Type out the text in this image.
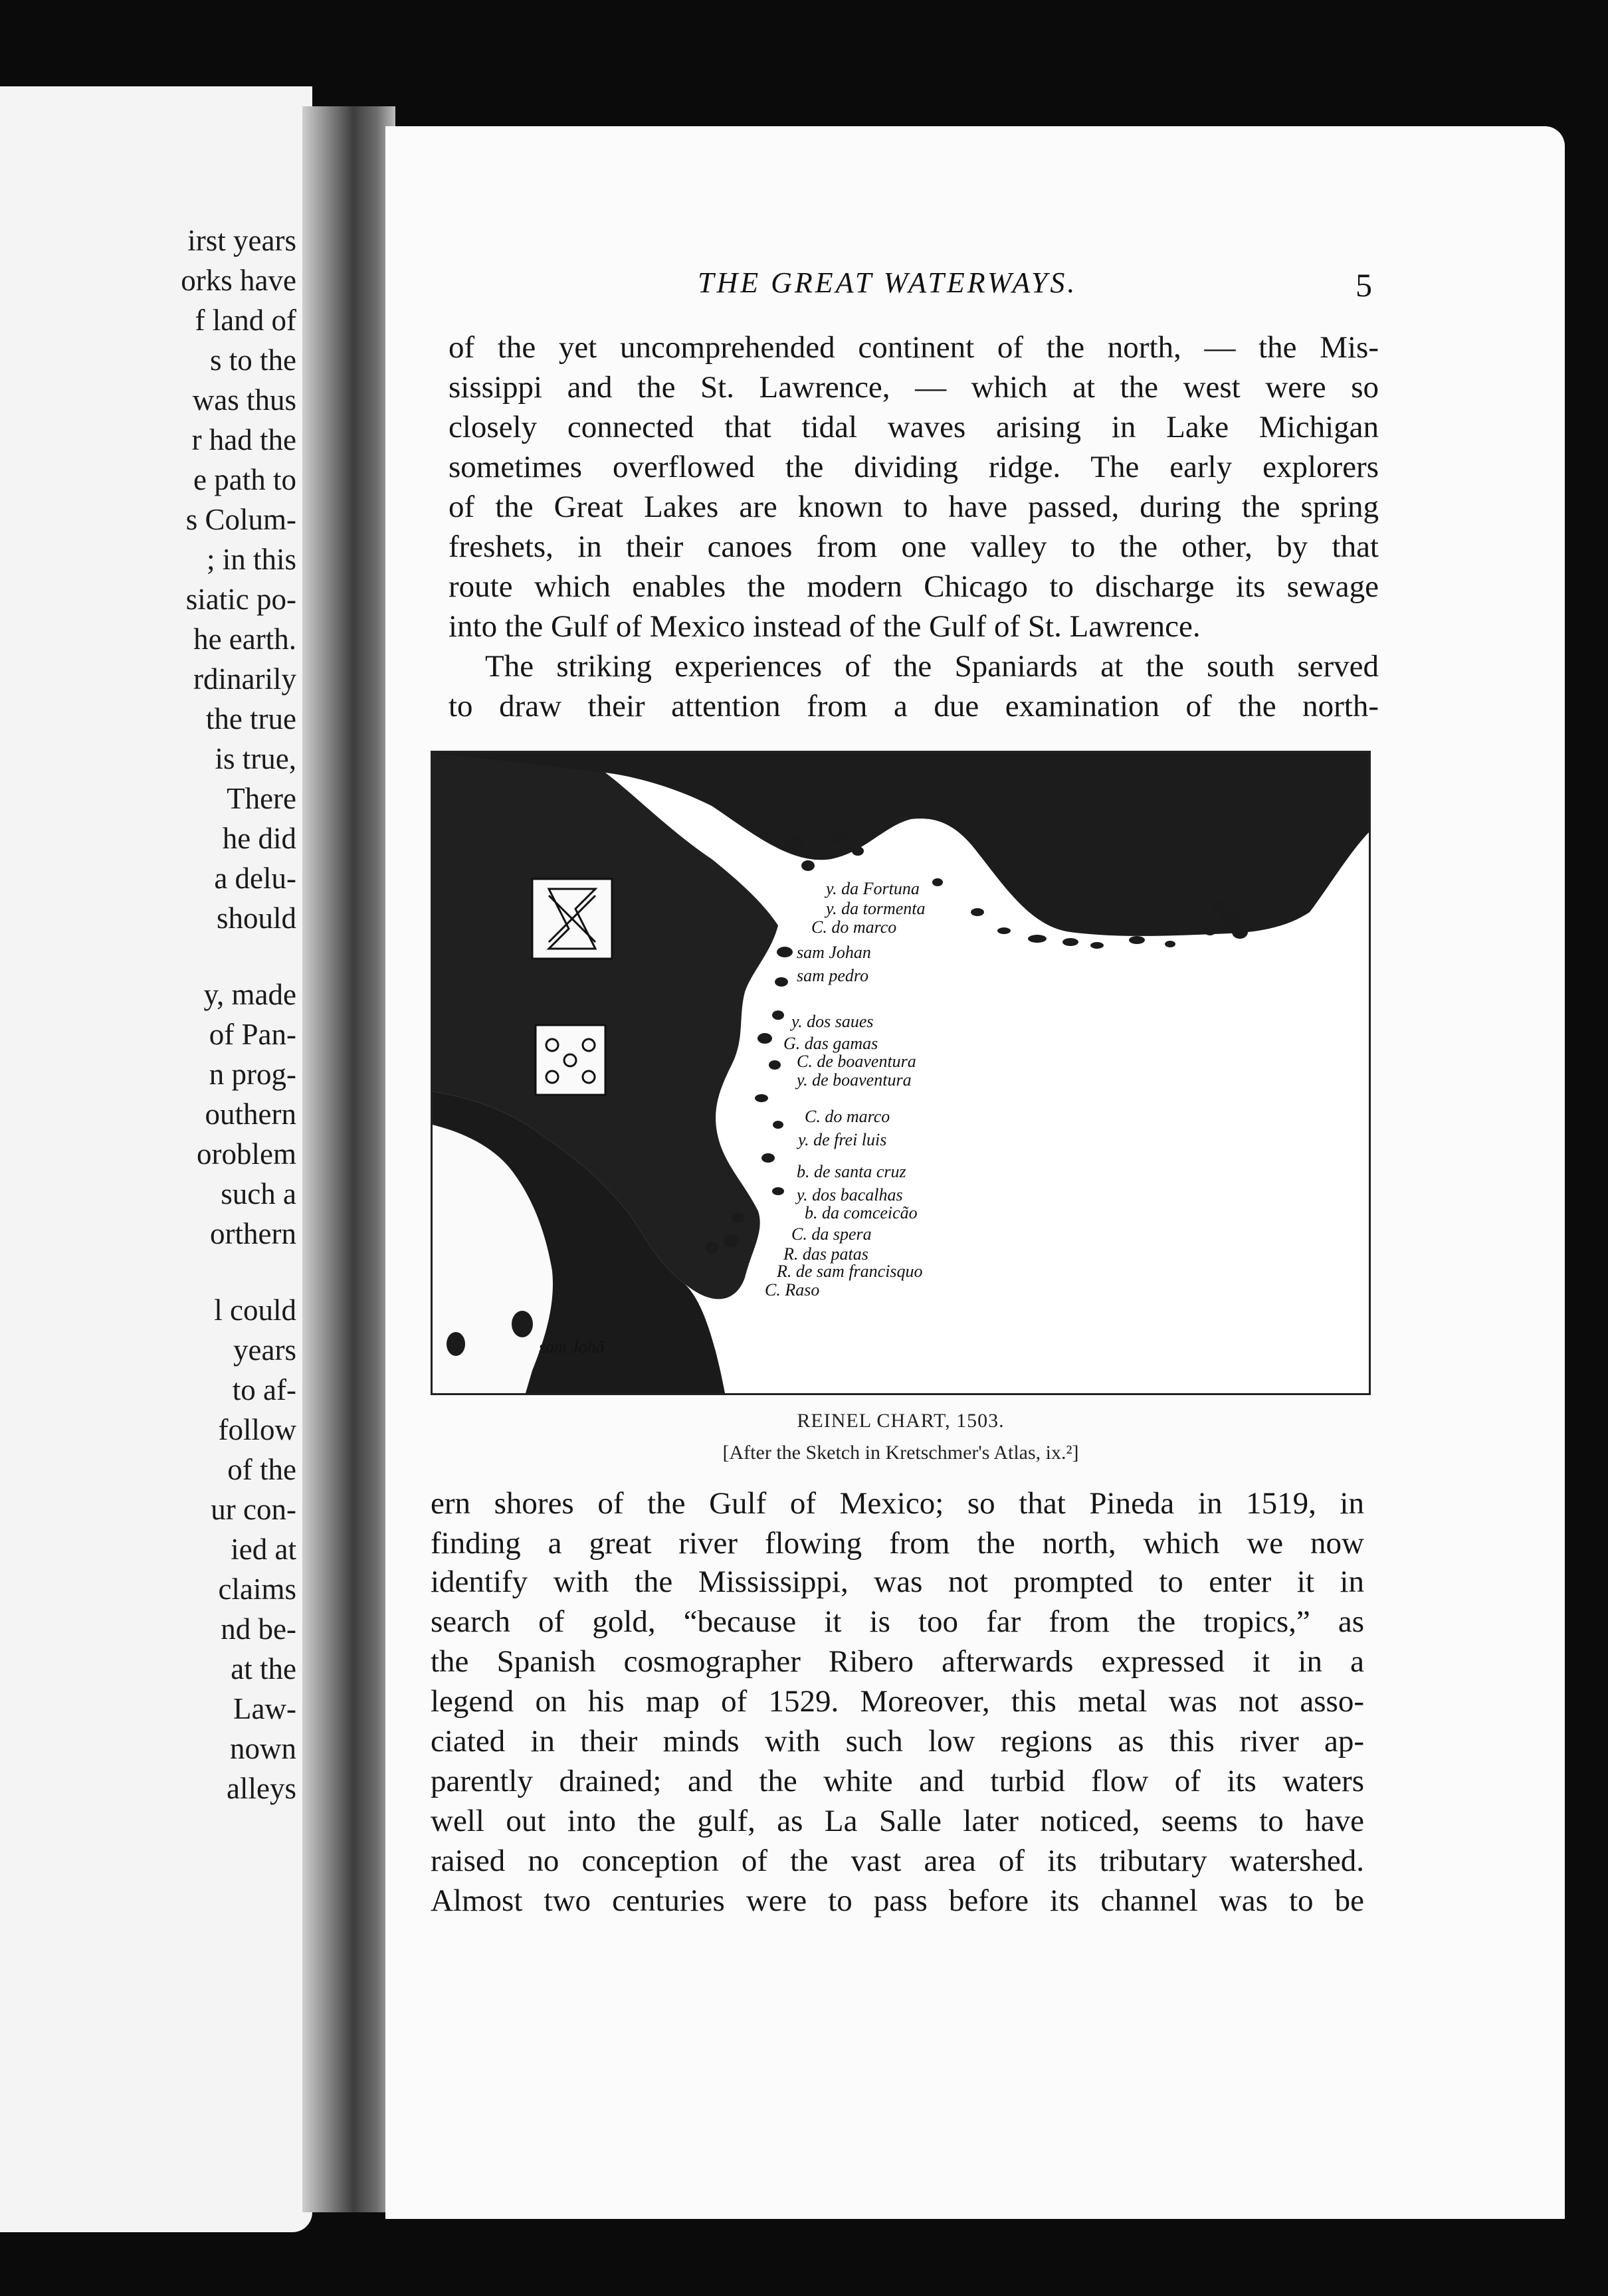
irst years
orks have
f land of
s to the
was thus
r had the
e path to
s Colum-
; in this
siatic po-
he earth.
rdinarily
the true
is true,
There
he did
a delu-
should
y, made
of Pan-
n prog-
outhern
oroblem
such a
orthern
l could
years
to af-
follow
of the
ur con-
ied at
claims
nd be-
at the
Law-
nown
alleys
THE GREAT WATERWAYS.	5
of the yet uncomprehended continent of the north, — the Mis-
sissippi and the St. Lawrence, — which at the west were so
closely connected that tidal waves arising in Lake Michigan
sometimes overflowed the dividing ridge. The early explorers
of the Great Lakes are known to have passed, during the spring
freshets, in their canoes from one valley to the other, by that
route which enables the modern Chicago to discharge its sewage
into the Gulf of Mexico instead of the Gulf of St. Lawrence.
The striking experiences of the Spaniards at the south served
to draw their attention from a due examination of the north-
y. da Fortuna
y. da tormenta
C. do marco
sam Johan
sam pedro
y. dos saues
G. das gamas
C. de boaventura
y. de boaventura
C. do marco
y. de frei luis
b. de santa cruz
y. dos bacalhas
b. da comceicão
C. da spera
R. das patas
R. de sam francisquo
C. Raso
sam Johã
REINEL CHART, 1503.
[After the Sketch in Kretschmer's Atlas, ix.²]
ern shores of the Gulf of Mexico; so that Pineda in 1519, in
finding a great river flowing from the north, which we now
identify with the Mississippi, was not prompted to enter it in
search of gold, “because it is too far from the tropics,” as
the Spanish cosmographer Ribero afterwards expressed it in a
legend on his map of 1529. Moreover, this metal was not asso-
ciated in their minds with such low regions as this river ap-
parently drained; and the white and turbid flow of its waters
well out into the gulf, as La Salle later noticed, seems to have
raised no conception of the vast area of its tributary watershed.
Almost two centuries were to pass before its channel was to be
